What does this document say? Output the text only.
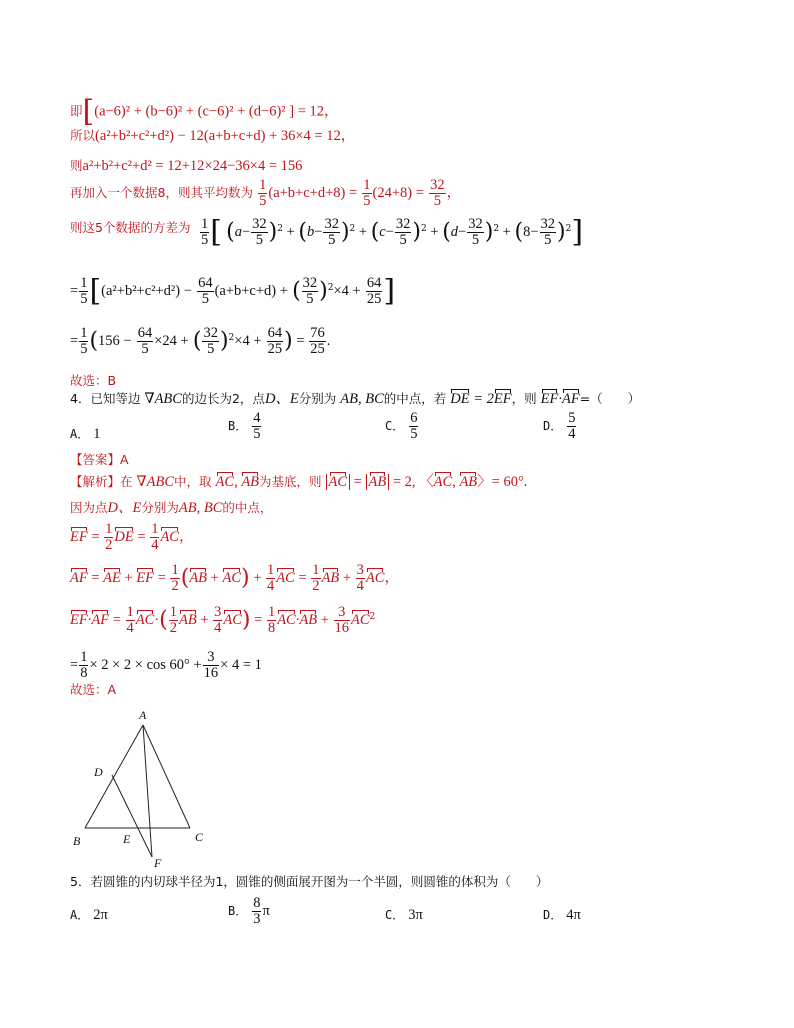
即[(a−6)² + (b−6)² + (c−6)² + (d−6)² ] = 12，
所以(a²+b²+c²+d²) − 12(a+b+c+d) + 36×4 = 12，
则a²+b²+c²+d² = 12+12×24−36×4 = 156
再加入一个数据8，则其平均数为 $\frac{1}{5} (a+b+c+d+8) = \frac{1}{5} (24+8) = \frac{32}{5}$ ，
则这5个数据的方差为 $\frac{1}{5}$ [ $(a- \frac{32}{5} )^2 + (b- \frac{32}{5} )^2 + (c- \frac{32}{5} )^2 + (d- \frac{32}{5} )^2 + (8- \frac{32}{5} )^2$]
= $\frac{1}{5} [(a^2+b^2+c^2+d^2) - \frac{64}{5} (a+b+c+d)$ + ( $\frac{32}{5} )^2\times 4 + \frac{64}{25}$ ]
= $\frac{1}{5} (156 - \frac{64}{5} \times 24$ + ( $\frac{32}{5} )^2\times 4 + \frac{64}{25}$ ) = $\frac{76}{25}$ .
故选：B
4．已知等边 ∇ABC的边长为2，点D、E分别为 AB, BC的中点，若 DE = 2EF，则 EF·AF=（　　）
A． 1	B． $\frac{4}{5}$	C． $\frac{6}{5}$	D． $\frac{5}{4}$
【答案】A
【解析】在 ∇ABC中，取 AC, AB为基底，则 AC = AB = 2, 〈AC, AB〉= 60°.
因为点D、E分别为AB, BC的中点，
EF = $\frac{1}{2}$ DE = $\frac{1}{4}$ AC，
AF = AE + EF = $\frac{1}{2} (AB + AC) + \frac{1}{4}$ AC = $\frac{1}{2}$ AB + $\frac{3}{4}$ AC，
$EF\cdot AF = \frac{1}{4} AC\cdot( \frac{1}{2}$ AB + $\frac{3}{4} AC) = \frac{1}{8} AC\cdot AB + \frac{3}{16} AC^2$
= $\frac{1}{8} \times 2 \times 2 \times \cos 60^\circ + \frac{3}{16} \times 4 = 1$
故选：A
A
B	C
D
E
F
5．若圆锥的内切球半径为1，圆锥的侧面展开图为一个半圆，则圆锥的体积为（　　）
A． 2π	B． $\frac{8}{3}$ π	C． 3π	D． 4π
